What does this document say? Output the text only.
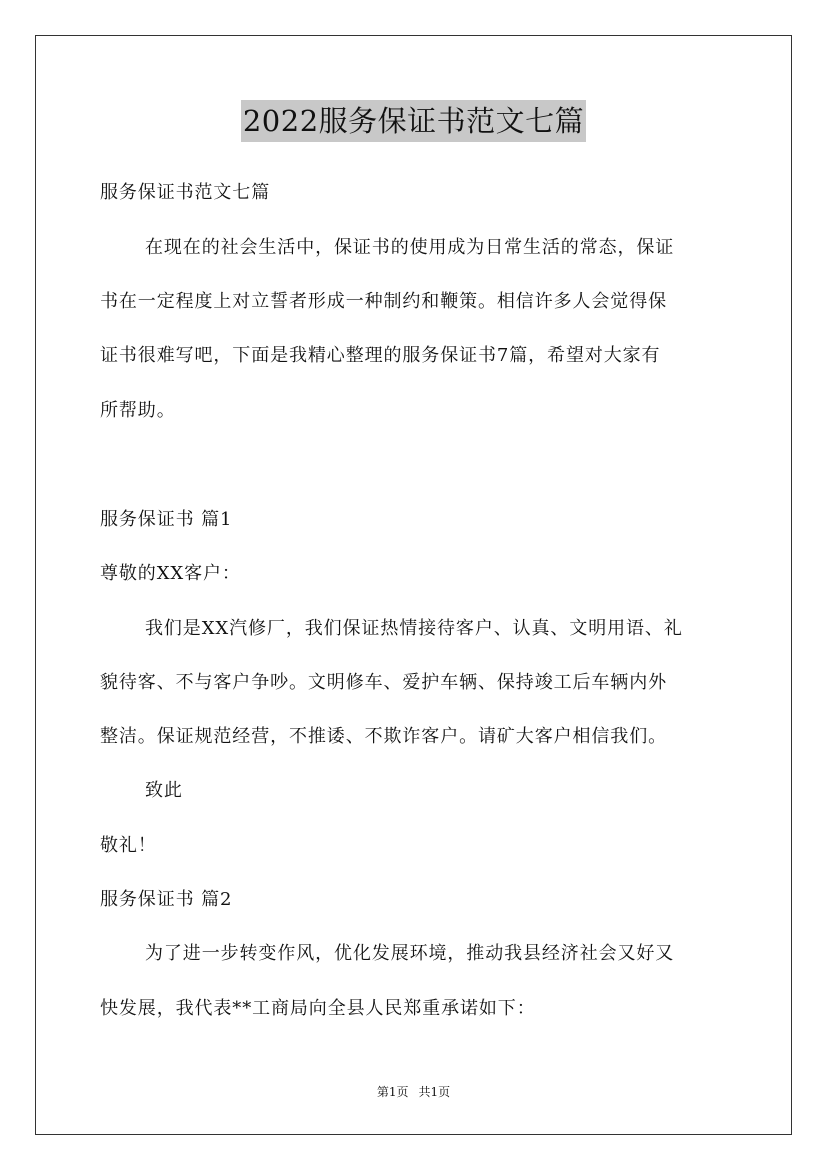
2022服务保证书范文七篇
服务保证书范文七篇
在现在的社会生活中，保证书的使用成为日常生活的常态，保证
书在一定程度上对立誓者形成一种制约和鞭策。相信许多人会觉得保
证书很难写吧，下面是我精心整理的服务保证书7篇，希望对大家有
所帮助。
服务保证书 篇1
尊敬的XX客户：
我们是XX汽修厂，我们保证热情接待客户、认真、文明用语、礼
貌待客、不与客户争吵。文明修车、爱护车辆、保持竣工后车辆内外
整洁。保证规范经营，不推诿、不欺诈客户。请矿大客户相信我们。
致此
敬礼！
服务保证书 篇2
为了进一步转变作风，优化发展环境，推动我县经济社会又好又
快发展，我代表**工商局向全县人民郑重承诺如下：
第1页 共1页
